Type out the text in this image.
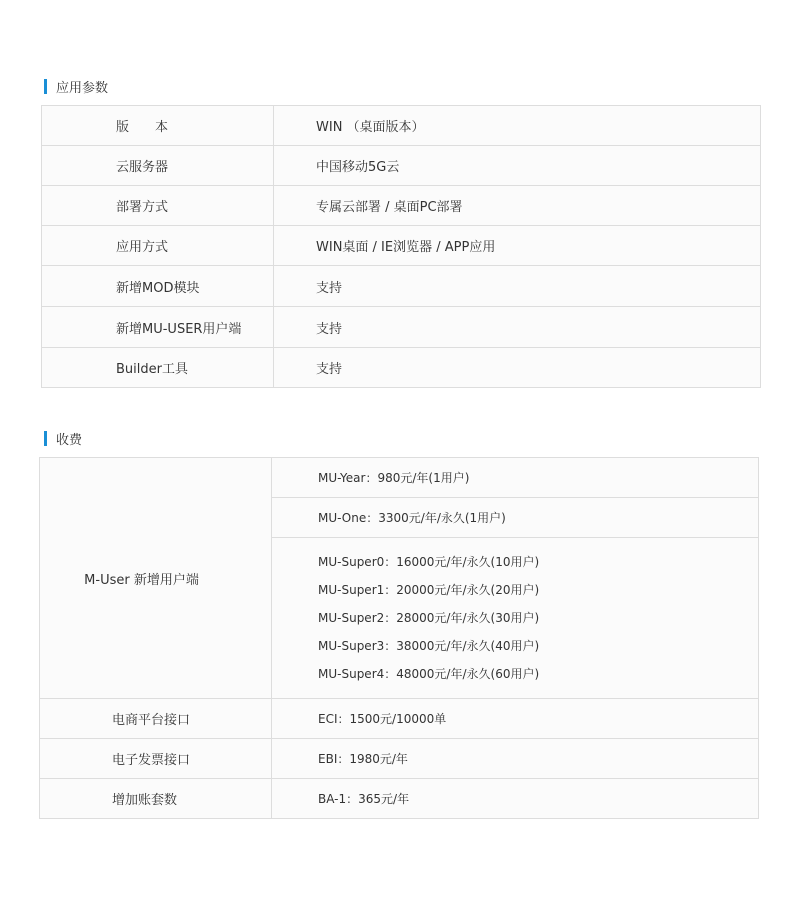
应用参数
版　　本	WIN （桌面版本）
云服务器	中国移动5G云
部署方式	专属云部署 / 桌面PC部署
应用方式	WIN桌面 / IE浏览器 / APP应用
新增MOD模块	支持
新增MU-USER用户端	支持
Builder工具	支持
收费
M-User 新增用户端	MU-Year：980元/年(1用户)
	MU-One：3300元/年/永久(1用户)

	MU-Super0：16000元/年/永久(10用户)
MU-Super1：20000元/年/永久(20用户)
MU-Super2：28000元/年/永久(30用户)
MU-Super3：38000元/年/永久(40用户)
MU-Super4：48000元/年/永久(60用户)

电商平台接口	ECI：1500元/10000单
电子发票接口	EBI：1980元/年
增加账套数	BA-1：365元/年
